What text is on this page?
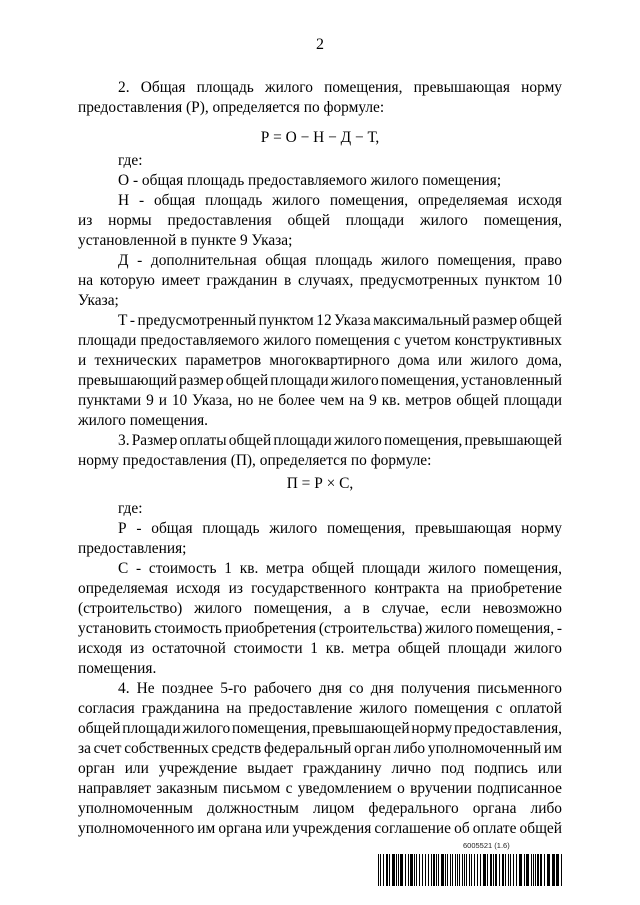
2
2. Общая площадь жилого помещения, превышающая норму
предоставления (Р), определяется по формуле:
Р = О − Н − Д − Т,
где:
О - общая площадь предоставляемого жилого помещения;
Н - общая площадь жилого помещения, определяемая исходя
из нормы предоставления общей площади жилого помещения,
установленной в пункте 9 Указа;
Д - дополнительная общая площадь жилого помещения, право
на которую имеет гражданин в случаях, предусмотренных пунктом 10
Указа;
Т - предусмотренный пунктом 12 Указа максимальный размер общей
площади предоставляемого жилого помещения с учетом конструктивных
и технических параметров многоквартирного дома или жилого дома,
превышающий размер общей площади жилого помещения, установленный
пунктами 9 и 10 Указа, но не более чем на 9 кв. метров общей площади
жилого помещения.
3. Размер оплаты общей площади жилого помещения, превышающей
норму предоставления (П), определяется по формуле:
П = Р × С,
где:
Р - общая площадь жилого помещения, превышающая норму
предоставления;
С - стоимость 1 кв. метра общей площади жилого помещения,
определяемая исходя из государственного контракта на приобретение
(строительство) жилого помещения, а в случае, если невозможно
установить стоимость приобретения (строительства) жилого помещения, -
исходя из остаточной стоимости 1 кв. метра общей площади жилого
помещения.
4. Не позднее 5-го рабочего дня со дня получения письменного
согласия гражданина на предоставление жилого помещения с оплатой
общей площади жилого помещения, превышающей норму предоставления,
за счет собственных средств федеральный орган либо уполномоченный им
орган или учреждение выдает гражданину лично под подпись или
направляет заказным письмом с уведомлением о вручении подписанное
уполномоченным должностным лицом федерального органа либо
уполномоченного им органа или учреждения соглашение об оплате общей
6005521 (1.6)
